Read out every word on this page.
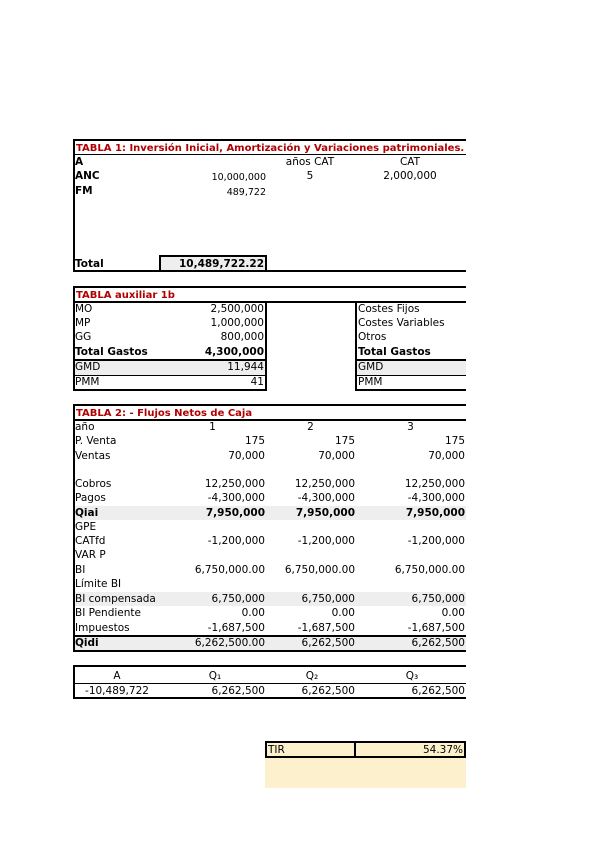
TABLA 1: Inversión Inicial, Amortización y Variaciones patrimoniales.
A	años CAT	CAT
ANC	10,000,000	5	2,000,000
FM	489,722
Total	10,489,722.22
TABLA auxiliar 1b
MO	2,500,000	Costes Fijos
MP	1,000,000	Costes Variables
GG	800,000	Otros
Total Gastos	4,300,000	Total Gastos
GMD	11,944	GMD
PMM	41	PMM
TABLA 2: - Flujos Netos de Caja
año	1	2	3
P. Venta	175	175	175
Ventas	70,000	70,000	70,000
Cobros	12,250,000	12,250,000	12,250,000
Pagos	-4,300,000	-4,300,000	-4,300,000
Qiai	7,950,000	7,950,000	7,950,000
GPE
CATfd	-1,200,000	-1,200,000	-1,200,000
VAR P
BI	6,750,000.00	6,750,000.00	6,750,000.00
Límite BI
BI compensada	6,750,000	6,750,000	6,750,000
BI Pendiente	0.00	0.00	0.00
Impuestos	-1,687,500	-1,687,500	-1,687,500
Qidi	6,262,500.00	6,262,500	6,262,500
A	Q₁	Q₂	Q₃
-10,489,722	6,262,500	6,262,500	6,262,500
TIR	54.37%
